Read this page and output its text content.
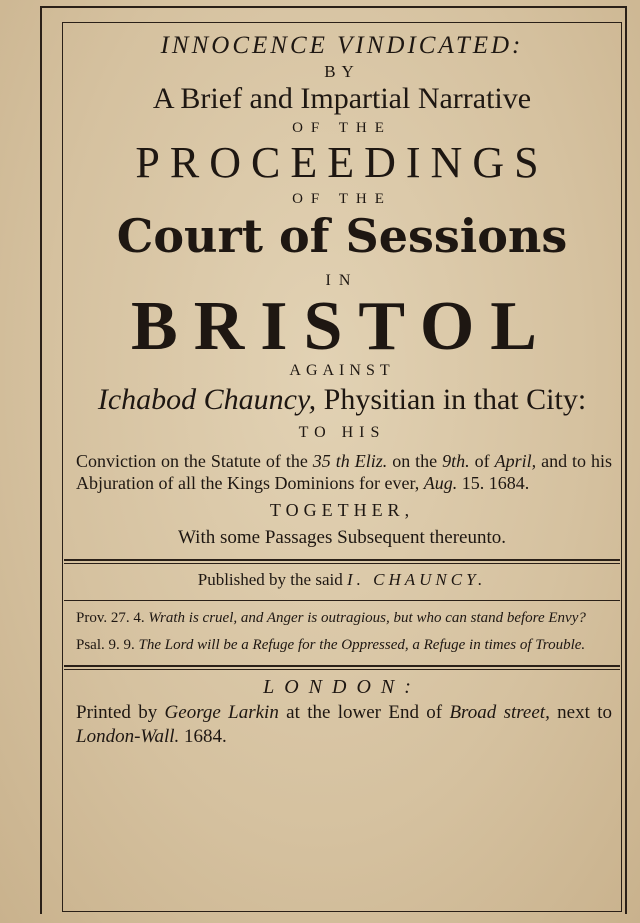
INNOCENCE VINDICATED:
BY
A Brief and Impartial Narrative
OF THE
PROCEEDINGS
OF THE
Court of Sessions
IN
BRISTOL
AGAINST
Ichabod Chauncy, Physitian in that City:
TO HIS
Conviction on the Statute of the 35 th Eliz. on the 9th. of April, and to his Abjuration of all the Kings Dominions for ever, Aug. 15. 1684.
TOGETHER,
With some Passages Subsequent thereunto.
Published by the said I. CHAUNCY.
Prov. 27. 4. Wrath is cruel, and Anger is outragious, but who can stand before Envy?
Psal. 9. 9. The Lord will be a Refuge for the Oppressed, a Refuge in times of Trouble.
LONDON:
Printed by George Larkin at the lower End of Broad street, next to London-Wall. 1684.
